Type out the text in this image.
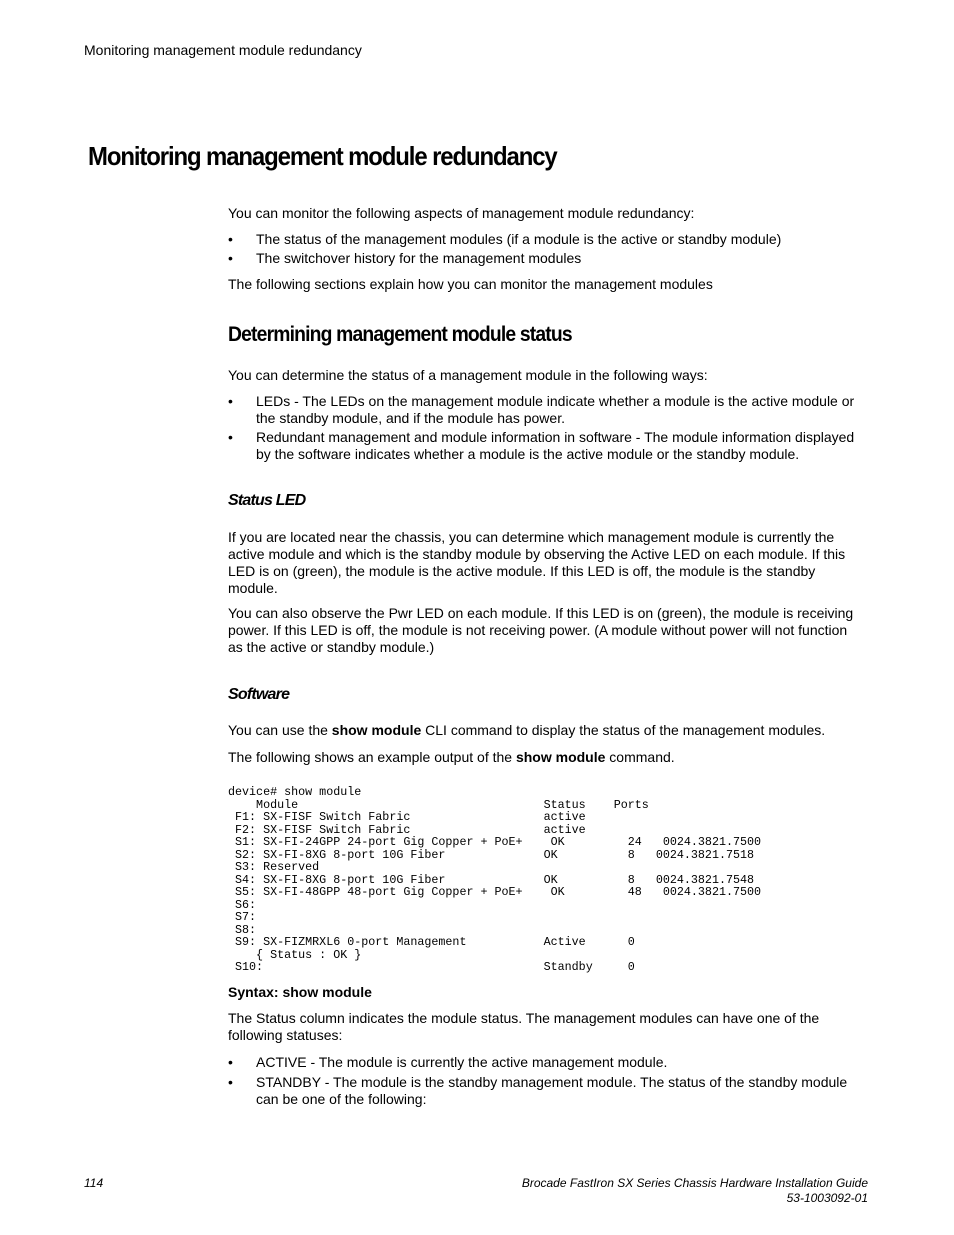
Monitoring management module redundancy
Monitoring management module redundancy

You can monitor the following aspects of management module redundancy:

• The status of the management modules (if a module is the active or standby module)
• The switchover history for the management modules

The following sections explain how you can monitor the management modules

Determining management module status

You can determine the status of a management module in the following ways:

• LEDs - The LEDs on the management module indicate whether a module is the active module or the standby module, and if the module has power.
• Redundant management and module information in software - The module information displayed by the software indicates whether a module is the active module or the standby module.
Status LED

If you are located near the chassis, you can determine which management module is currently the active module and which is the standby module by observing the Active LED on each module. If this LED is on (green), the module is the active module. If this LED is off, the module is the standby module.

You can also observe the Pwr LED on each module. If this LED is on (green), the module is receiving power. If this LED is off, the module is not receiving power. (A module without power will not function as the active or standby module.)

Software

You can use the show module CLI command to display the status of the management modules.

The following shows an example output of the show module command.

device# show module
Module                                   Status    Ports
F1: SX-FISF Switch Fabric                   active
F2: SX-FISF Switch Fabric                   active
S1: SX-FI-24GPP 24-port Gig Copper + PoE+    OK         24   0024.3821.7500
S2: SX-FI-8XG 8-port 10G Fiber              OK          8   0024.3821.7518
S3: Reserved
S4: SX-FI-8XG 8-port 10G Fiber              OK          8   0024.3821.7548
S5: SX-FI-48GPP 48-port Gig Copper + PoE+    OK         48   0024.3821.7500
S6:
S7:
S8:
S9: SX-FIZMRXL6 0-port Management           Active      0
{ Status : OK }
S10:                                        Standby     0

Syntax: show module

The Status column indicates the module status. The management modules can have one of the following statuses:

• ACTIVE - The module is currently the active management module.
• STANDBY - The module is the standby management module. The status of the standby module can be one of the following:
114	Brocade FastIron SX Series Chassis Hardware Installation Guide
53-1003092-01
